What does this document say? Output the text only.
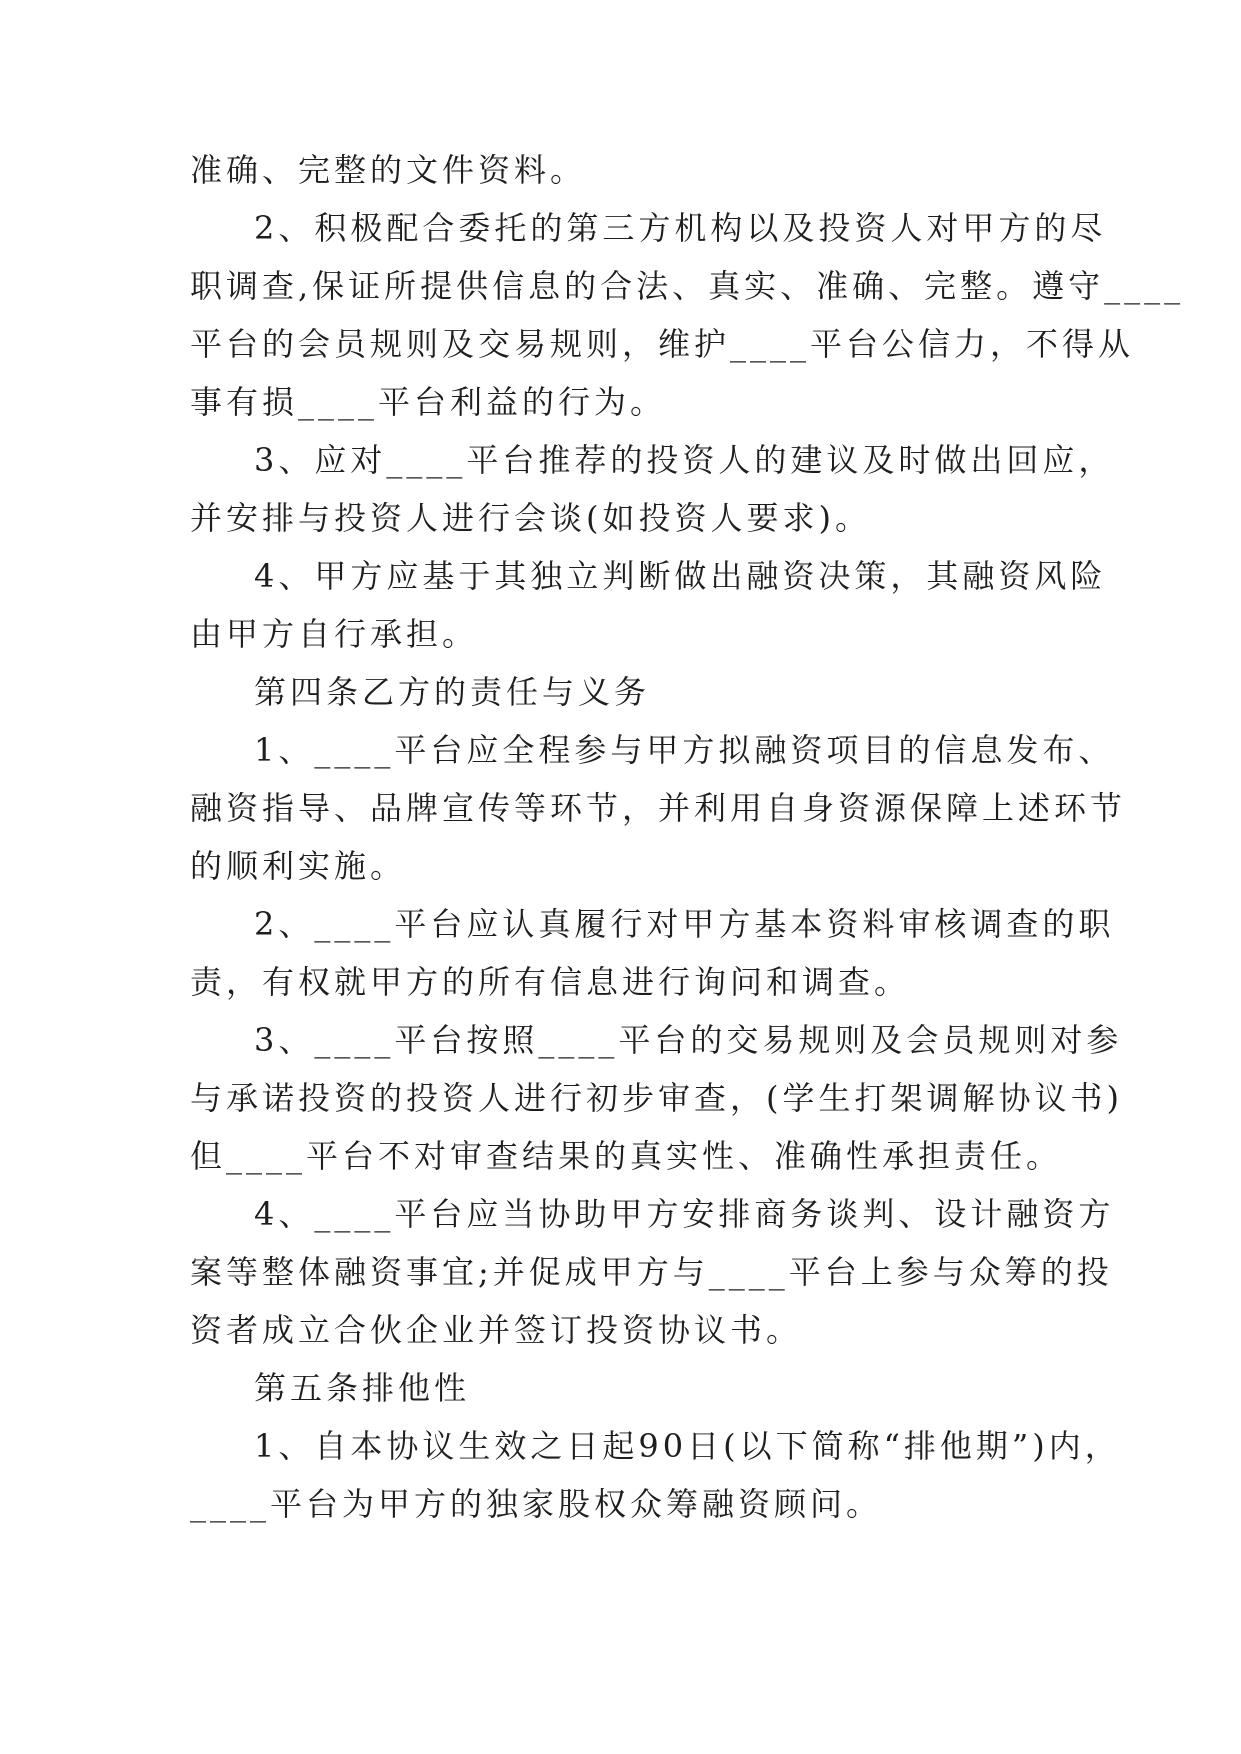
准确、完整的文件资料。

2、积极配合委托的第三方机构以及投资人对甲方的尽

职调查,保证所提供信息的合法、真实、准确、完整。遵守____

平台的会员规则及交易规则，维护____平台公信力，不得从

事有损____平台利益的行为。

3、应对____平台推荐的投资人的建议及时做出回应，

并安排与投资人进行会谈(如投资人要求)。

4、甲方应基于其独立判断做出融资决策，其融资风险

由甲方自行承担。

第四条乙方的责任与义务

1、____平台应全程参与甲方拟融资项目的信息发布、

融资指导、品牌宣传等环节，并利用自身资源保障上述环节

的顺利实施。

2、____平台应认真履行对甲方基本资料审核调查的职

责，有权就甲方的所有信息进行询问和调查。

3、____平台按照____平台的交易规则及会员规则对参

与承诺投资的投资人进行初步审查，(学生打架调解协议书)

但____平台不对审查结果的真实性、准确性承担责任。

4、____平台应当协助甲方安排商务谈判、设计融资方

案等整体融资事宜;并促成甲方与____平台上参与众筹的投

资者成立合伙企业并签订投资协议书。

第五条排他性

1、自本协议生效之日起90日(以下简称“排他期”)内，

____平台为甲方的独家股权众筹融资顾问。
